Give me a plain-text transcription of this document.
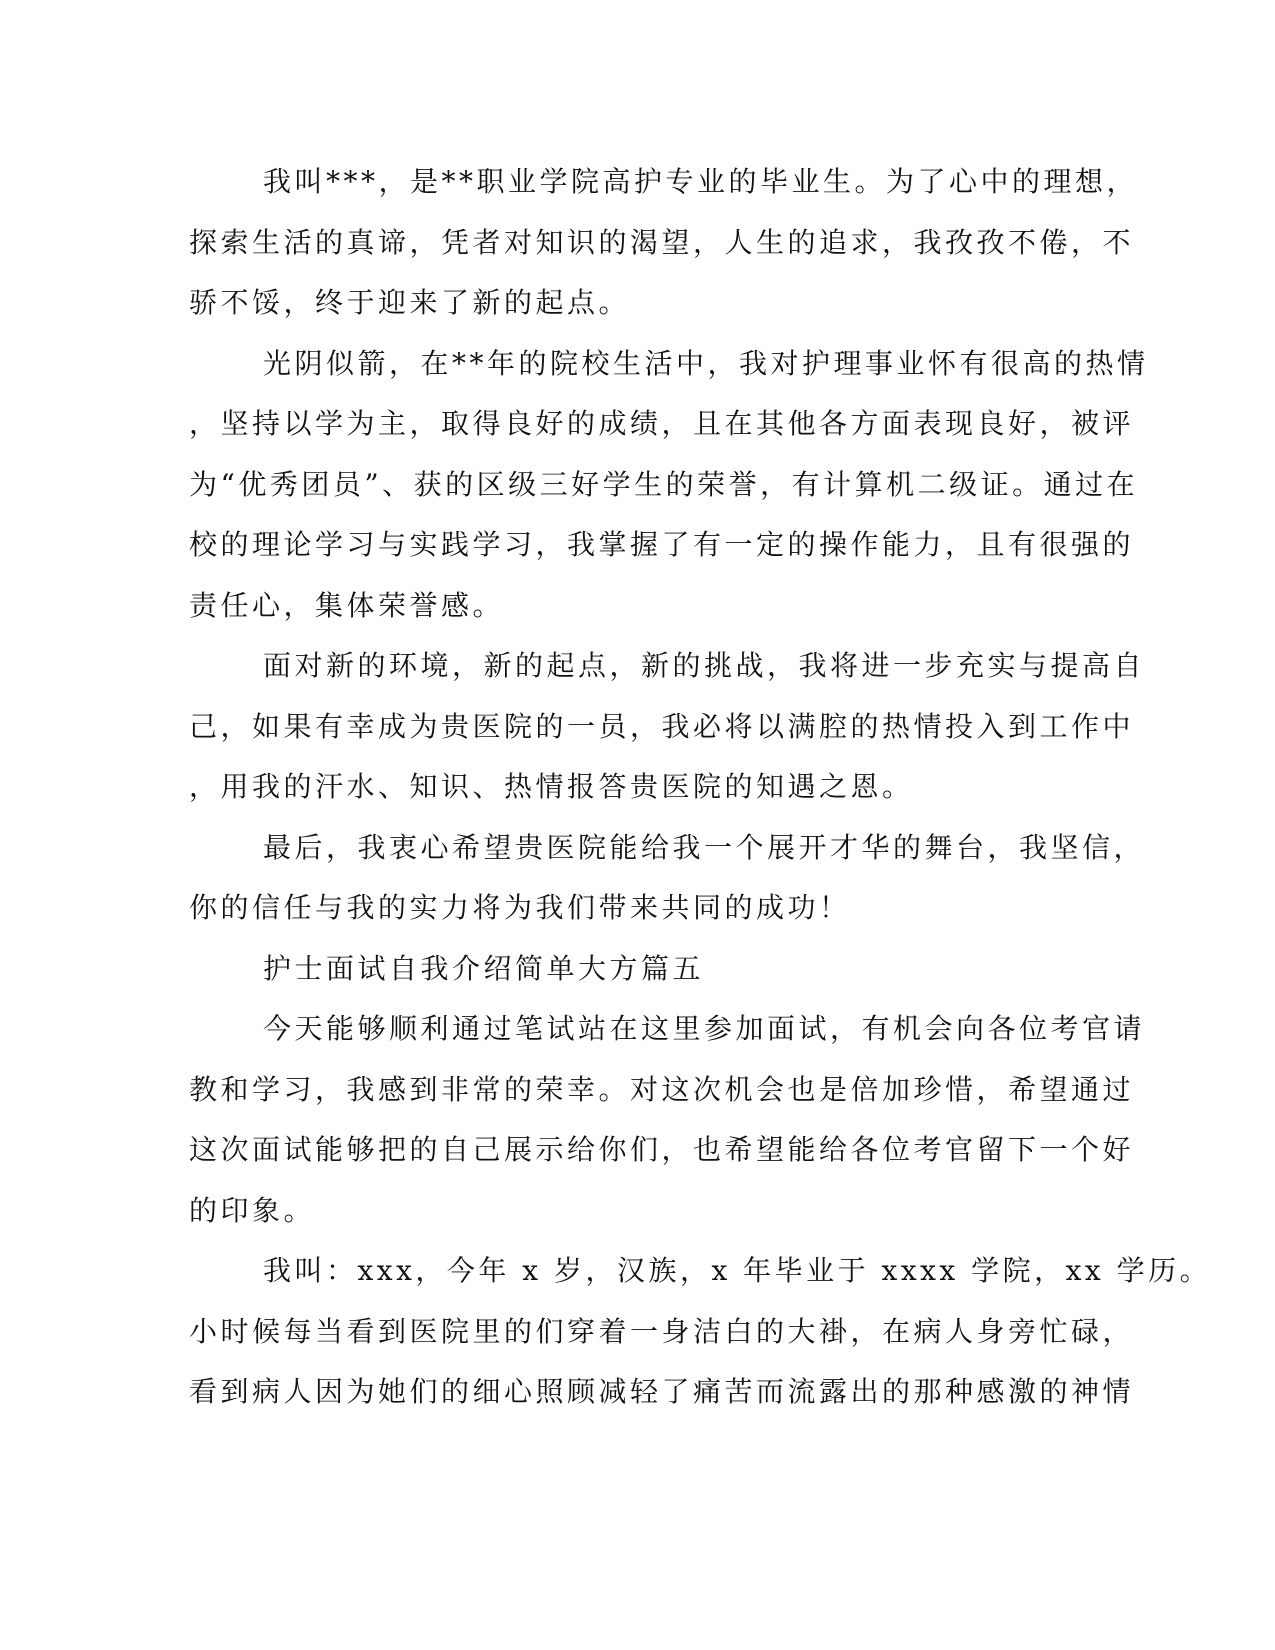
我叫***，是**职业学院高护专业的毕业生。为了心中的理想，
探索生活的真谛，凭者对知识的渴望，人生的追求，我孜孜不倦，不
骄不馁，终于迎来了新的起点。
光阴似箭，在**年的院校生活中，我对护理事业怀有很高的热情
，坚持以学为主，取得良好的成绩，且在其他各方面表现良好，被评
为“优秀团员”、获的区级三好学生的荣誉，有计算机二级证。通过在
校的理论学习与实践学习，我掌握了有一定的操作能力，且有很强的
责任心，集体荣誉感。
面对新的环境，新的起点，新的挑战，我将进一步充实与提高自
己，如果有幸成为贵医院的一员，我必将以满腔的热情投入到工作中
，用我的汗水、知识、热情报答贵医院的知遇之恩。
最后，我衷心希望贵医院能给我一个展开才华的舞台，我坚信，
你的信任与我的实力将为我们带来共同的成功！
护士面试自我介绍简单大方篇五
今天能够顺利通过笔试站在这里参加面试，有机会向各位考官请
教和学习，我感到非常的荣幸。对这次机会也是倍加珍惜，希望通过
这次面试能够把的自己展示给你们，也希望能给各位考官留下一个好
的印象。
我叫：xxx，今年 x 岁，汉族，x 年毕业于 xxxx 学院，xx 学历。
小时候每当看到医院里的们穿着一身洁白的大褂，在病人身旁忙碌，
看到病人因为她们的细心照顾减轻了痛苦而流露出的那种感激的神情
